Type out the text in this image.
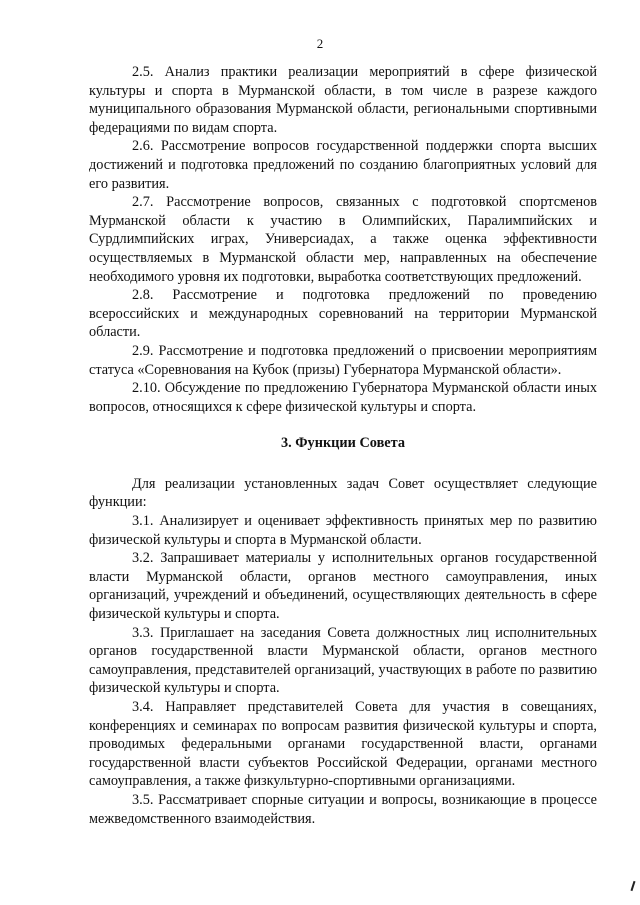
2

2.5. Анализ практики реализации мероприятий в сфере физической культуры и спорта в Мурманской области, в том числе в разрезе каждого муниципального образования Мурманской области, региональными спортивными федерациями по видам спорта.

2.6. Рассмотрение вопросов государственной поддержки спорта высших достижений и подготовка предложений по созданию благоприятных условий для его развития.

2.7. Рассмотрение вопросов, связанных с подготовкой спортсменов Мурманской области к участию в Олимпийских, Паралимпийских и Сурдлимпийских играх, Универсиадах, а также оценка эффективности осуществляемых в Мурманской области мер, направленных на обеспечение необходимого уровня их подготовки, выработка соответствующих предложений.

2.8. Рассмотрение и подготовка предложений по проведению всероссийских и международных соревнований на территории Мурманской области.

2.9. Рассмотрение и подготовка предложений о присвоении мероприятиям статуса «Соревнования на Кубок (призы) Губернатора Мурманской области».

2.10. Обсуждение по предложению Губернатора Мурманской области иных вопросов, относящихся к сфере физической культуры и спорта.

3. Функции Совета

Для реализации установленных задач Совет осуществляет следующие функции:

3.1. Анализирует и оценивает эффективность принятых мер по развитию физической культуры и спорта в Мурманской области.

3.2. Запрашивает материалы у исполнительных органов государственной власти Мурманской области, органов местного самоуправления, иных организаций, учреждений и объединений, осуществляющих деятельность в сфере физической культуры и спорта.

3.3. Приглашает на заседания Совета должностных лиц исполнительных органов государственной власти Мурманской области, органов местного самоуправления, представителей организаций, участвующих в работе по развитию физической культуры и спорта.

3.4. Направляет представителей Совета для участия в совещаниях, конференциях и семинарах по вопросам развития физической культуры и спорта, проводимых федеральными органами государственной власти, органами государственной власти субъектов Российской Федерации, органами местного самоуправления, а также физкультурно-спортивными организациями.

3.5. Рассматривает спорные ситуации и вопросы, возникающие в процессе межведомственного взаимодействия.
